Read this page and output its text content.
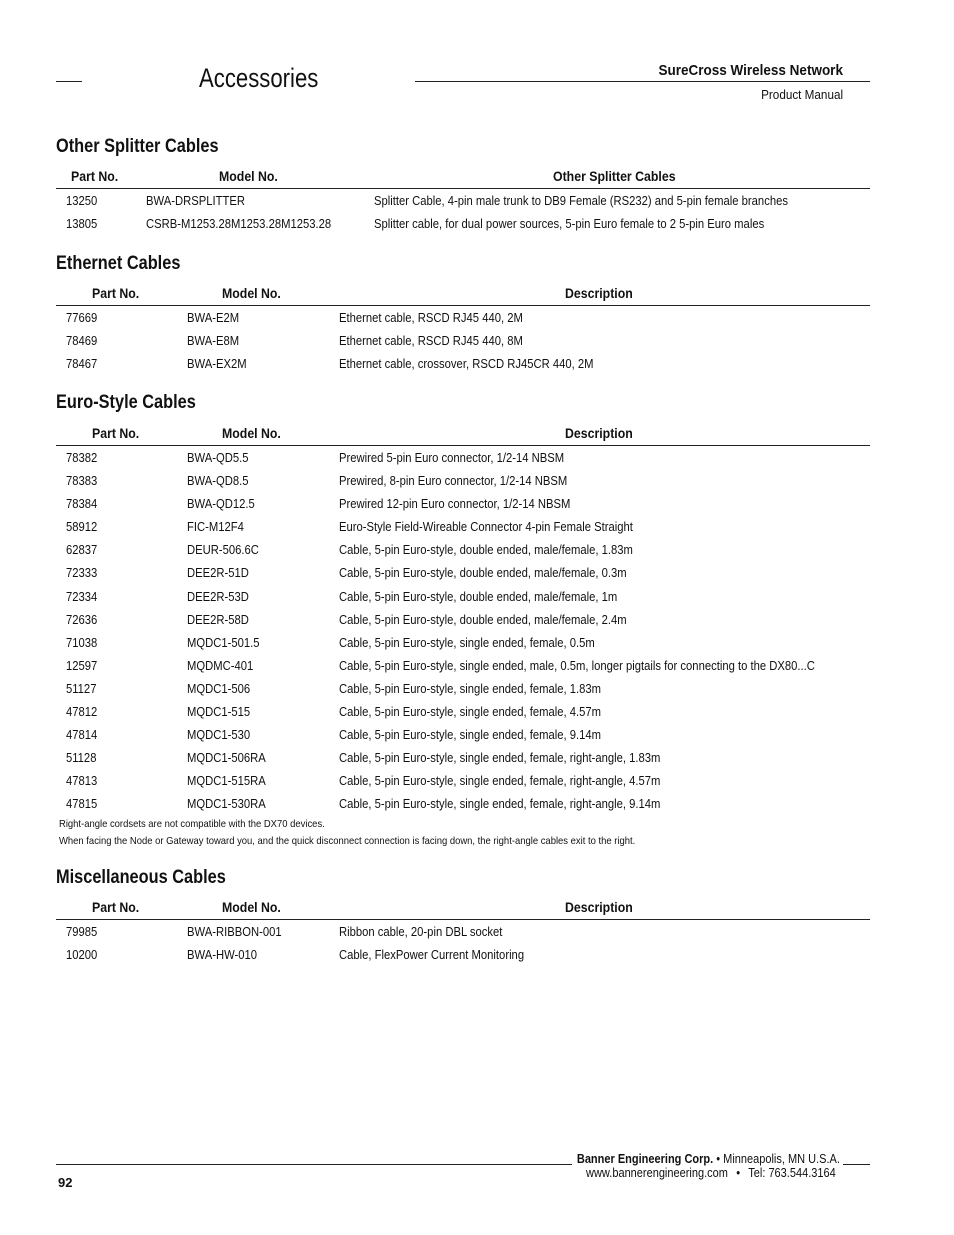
Accessories	SureCross Wireless Network
Product Manual
Other Splitter Cables
Part No.	Model No.	Other Splitter Cables
13250	BWA-DRSPLITTER	Splitter Cable, 4-pin male trunk to DB9 Female (RS232) and 5-pin female branches
13805	CSRB-M1253.28M1253.28M1253.28	Splitter cable, for dual power sources, 5-pin Euro female to 2 5-pin Euro males
Ethernet Cables
Part No.	Model No.	Description
77669	BWA-E2M	Ethernet cable, RSCD RJ45 440, 2M
78469	BWA-E8M	Ethernet cable, RSCD RJ45 440, 8M
78467	BWA-EX2M	Ethernet cable, crossover, RSCD RJ45CR 440, 2M
Euro-Style Cables
Part No.	Model No.	Description
78382	BWA-QD5.5	Prewired 5-pin Euro connector, 1/2-14 NBSM
78383	BWA-QD8.5	Prewired, 8-pin Euro connector, 1/2-14 NBSM
78384	BWA-QD12.5	Prewired 12-pin Euro connector, 1/2-14 NBSM
58912	FIC-M12F4	Euro-Style Field-Wireable Connector 4-pin Female Straight
62837	DEUR-506.6C	Cable, 5-pin Euro-style, double ended, male/female, 1.83m
72333	DEE2R-51D	Cable, 5-pin Euro-style, double ended, male/female, 0.3m
72334	DEE2R-53D	Cable, 5-pin Euro-style, double ended, male/female, 1m
72636	DEE2R-58D	Cable, 5-pin Euro-style, double ended, male/female, 2.4m
71038	MQDC1-501.5	Cable, 5-pin Euro-style, single ended, female, 0.5m
12597	MQDMC-401	Cable, 5-pin Euro-style, single ended, male, 0.5m, longer pigtails for connecting to the DX80...C
51127	MQDC1-506	Cable, 5-pin Euro-style, single ended, female, 1.83m
47812	MQDC1-515	Cable, 5-pin Euro-style, single ended, female, 4.57m
47814	MQDC1-530	Cable, 5-pin Euro-style, single ended, female, 9.14m
51128	MQDC1-506RA	Cable, 5-pin Euro-style, single ended, female, right-angle, 1.83m
47813	MQDC1-515RA	Cable, 5-pin Euro-style, single ended, female, right-angle, 4.57m
47815	MQDC1-530RA	Cable, 5-pin Euro-style, single ended, female, right-angle, 9.14m
Right-angle cordsets are not compatible with the DX70 devices.
When facing the Node or Gateway toward you, and the quick disconnect connection is facing down, the right-angle cables exit to the right.
Miscellaneous Cables
Part No.	Model No.	Description
79985	BWA-RIBBON-001	Ribbon cable, 20-pin DBL socket
10200	BWA-HW-010	Cable, FlexPower Current Monitoring
Banner Engineering Corp. • Minneapolis, MN U.S.A.
www.bannerengineering.com • Tel: 763.544.3164
92
